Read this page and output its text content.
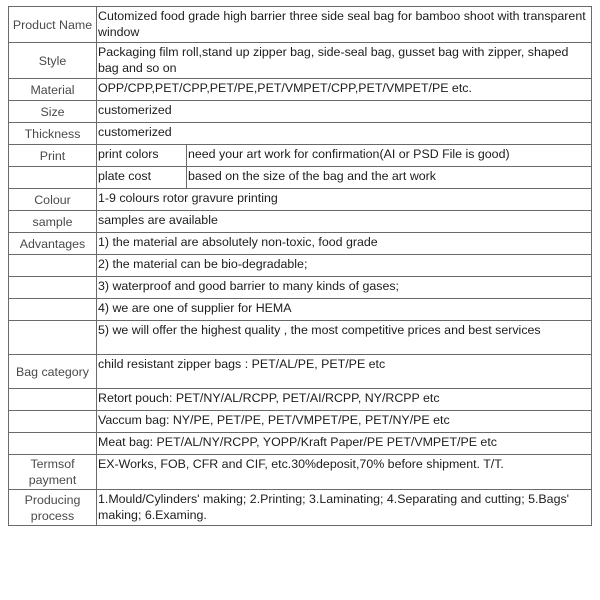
Product Name	Cutomized food grade high barrier three side seal bag for bamboo shoot with transparent window	
Style	Packaging film roll,stand up zipper bag, side-seal bag, gusset bag with zipper, shaped bag and so on	
Material	OPP/CPP,PET/CPP,PET/PE,PET/VMPET/CPP,PET/VMPET/PE etc.	
Size	customerized	
Thickness	customerized	
Print	print colors	need your art work for confirmation(AI or PSD File is good)
	plate cost	based on the size of the bag and the art work
Colour	1-9 colours rotor gravure printing	
sample	samples are available	
Advantages	1) the material are absolutely non-toxic, food grade	
	2) the material can be bio-degradable;	
	3) waterproof and good barrier to many kinds of gases;	
	4) we are one of supplier for HEMA	
	5) we will offer the highest quality , the most competitive prices and best services	
Bag category	child resistant zipper bags : PET/AL/PE, PET/PE etc	
	Retort pouch: PET/NY/AL/RCPP, PET/AI/RCPP, NY/RCPP etc	
	Vaccum bag: NY/PE, PET/PE, PET/VMPET/PE, PET/NY/PE etc	
	Meat bag: PET/AL/NY/RCPP, YOPP/Kraft Paper/PE PET/VMPET/PE etc	
Termsof payment	EX-Works, FOB, CFR and CIF, etc.30%deposit,70% before shipment. T/T.	
Producing process	1.Mould/Cylinders' making; 2.Printing; 3.Laminating; 4.Separating and cutting; 5.Bags' making; 6.Examing.	
